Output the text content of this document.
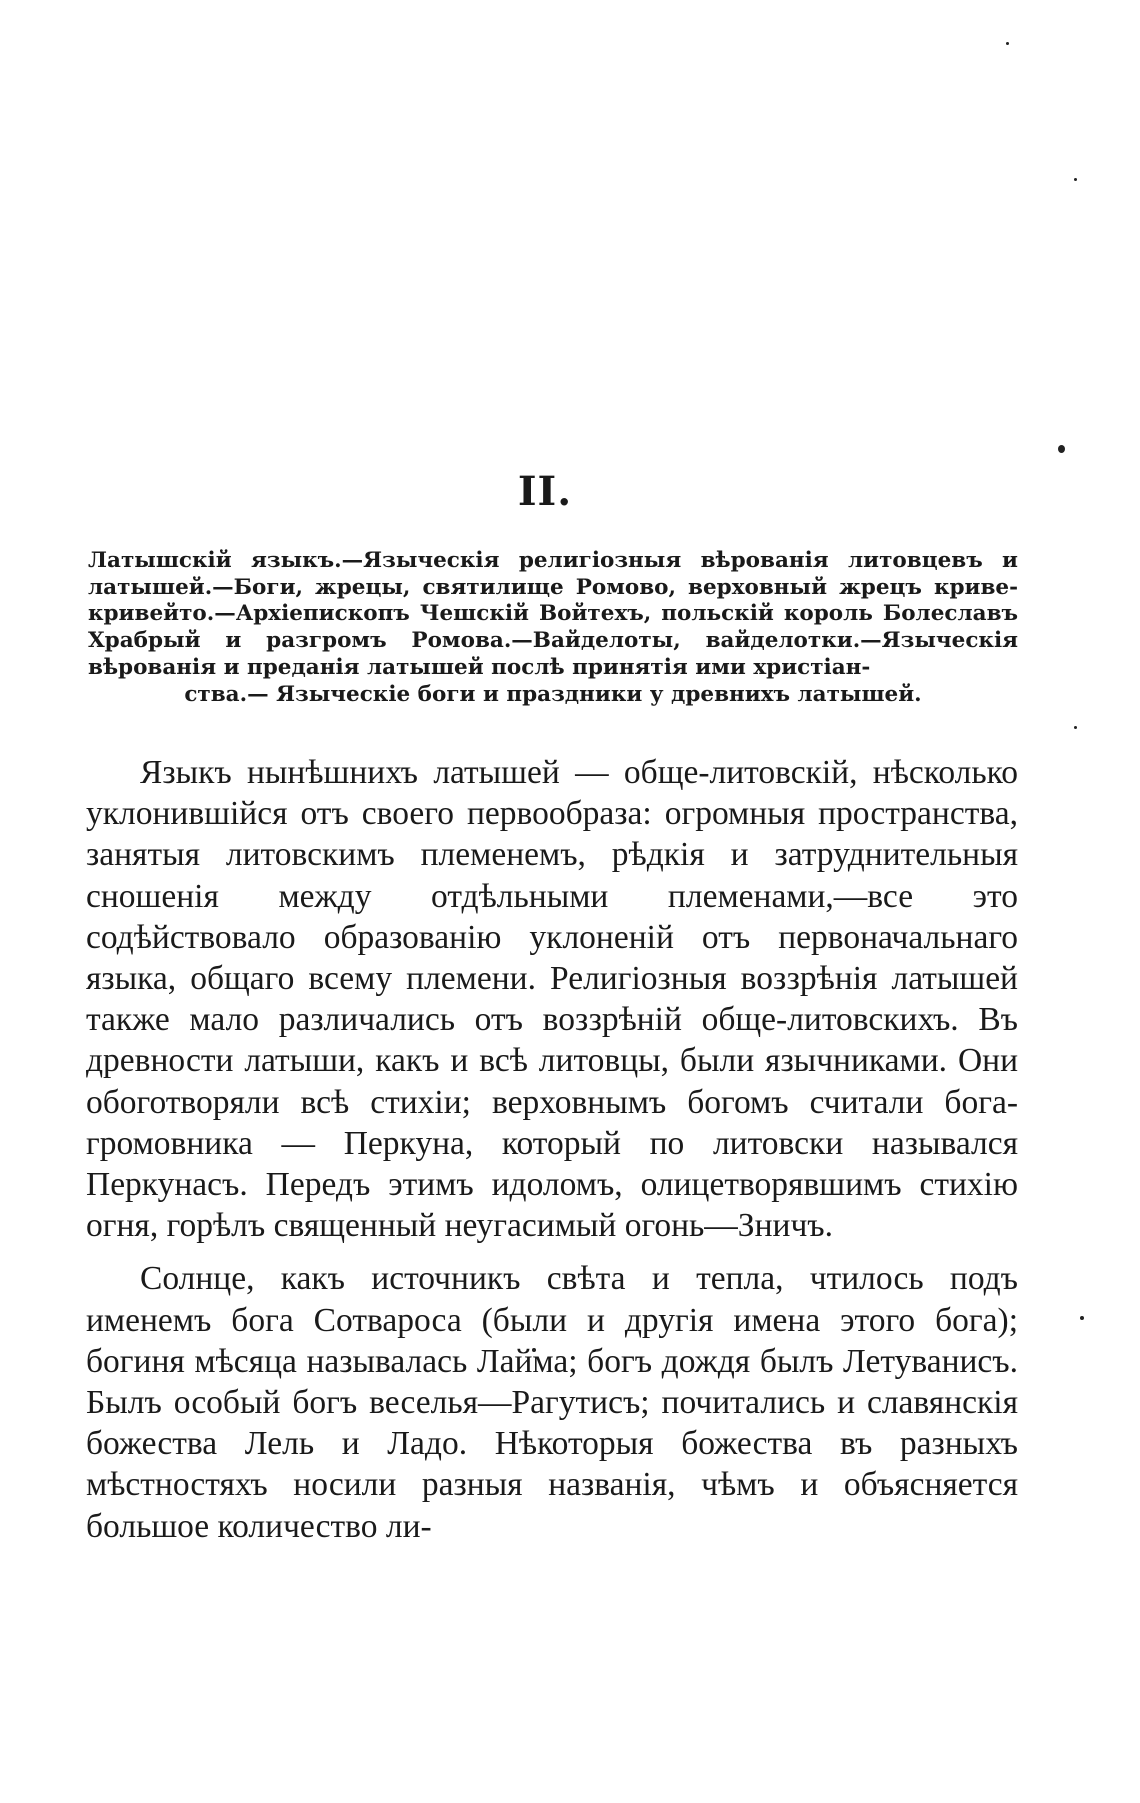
II.
Латышскій языкъ.—Языческія религіозныя вѣрованія литовцевъ и латышей.—Боги, жрецы, святилище Ромово, верховный жрецъ криве-кривейто.—Архіепископъ Чешскій Войтехъ, польскій король Болеславъ Храбрый и разгромъ Ромова.—Вайделоты, вайделотки.—Языческія вѣрованія и преданія латышей послѣ принятія ими христіан-
ства.— Языческіе боги и праздники у древнихъ латышей.

Языкъ нынѣшнихъ латышей — обще-литовскій, нѣсколько уклонившійся отъ своего первообраза: огромныя пространства, занятыя литовскимъ племенемъ, рѣдкія и затруднительныя сношенія между отдѣльными племенами,—все это содѣйствовало образованію уклоненій отъ первоначальнаго языка, общаго всему племени. Религіозныя воззрѣнія латышей также мало различались отъ воззрѣній обще-литовскихъ. Въ древности латыши, какъ и всѣ литовцы, были язычниками. Они обоготворяли всѣ стихіи; верховнымъ богомъ считали бога-громовника — Перкуна, который по литовски назывался Перкунасъ. Передъ этимъ идоломъ, олицетворявшимъ стихію огня, горѣлъ священный неугасимый огонь—Зничъ.

Солнце, какъ источникъ свѣта и тепла, чтилось подъ именемъ бога Сотвароса (были и другія имена этого бога); богиня мѣсяца называлась Лайма; богъ дождя былъ Летуванисъ. Былъ особый богъ веселья—Рагутисъ; почитались и славянскія божества Лель и Ладо. Нѣкоторыя божества въ разныхъ мѣстностяхъ носили разныя названія, чѣмъ и объясняется большое количество ли-
